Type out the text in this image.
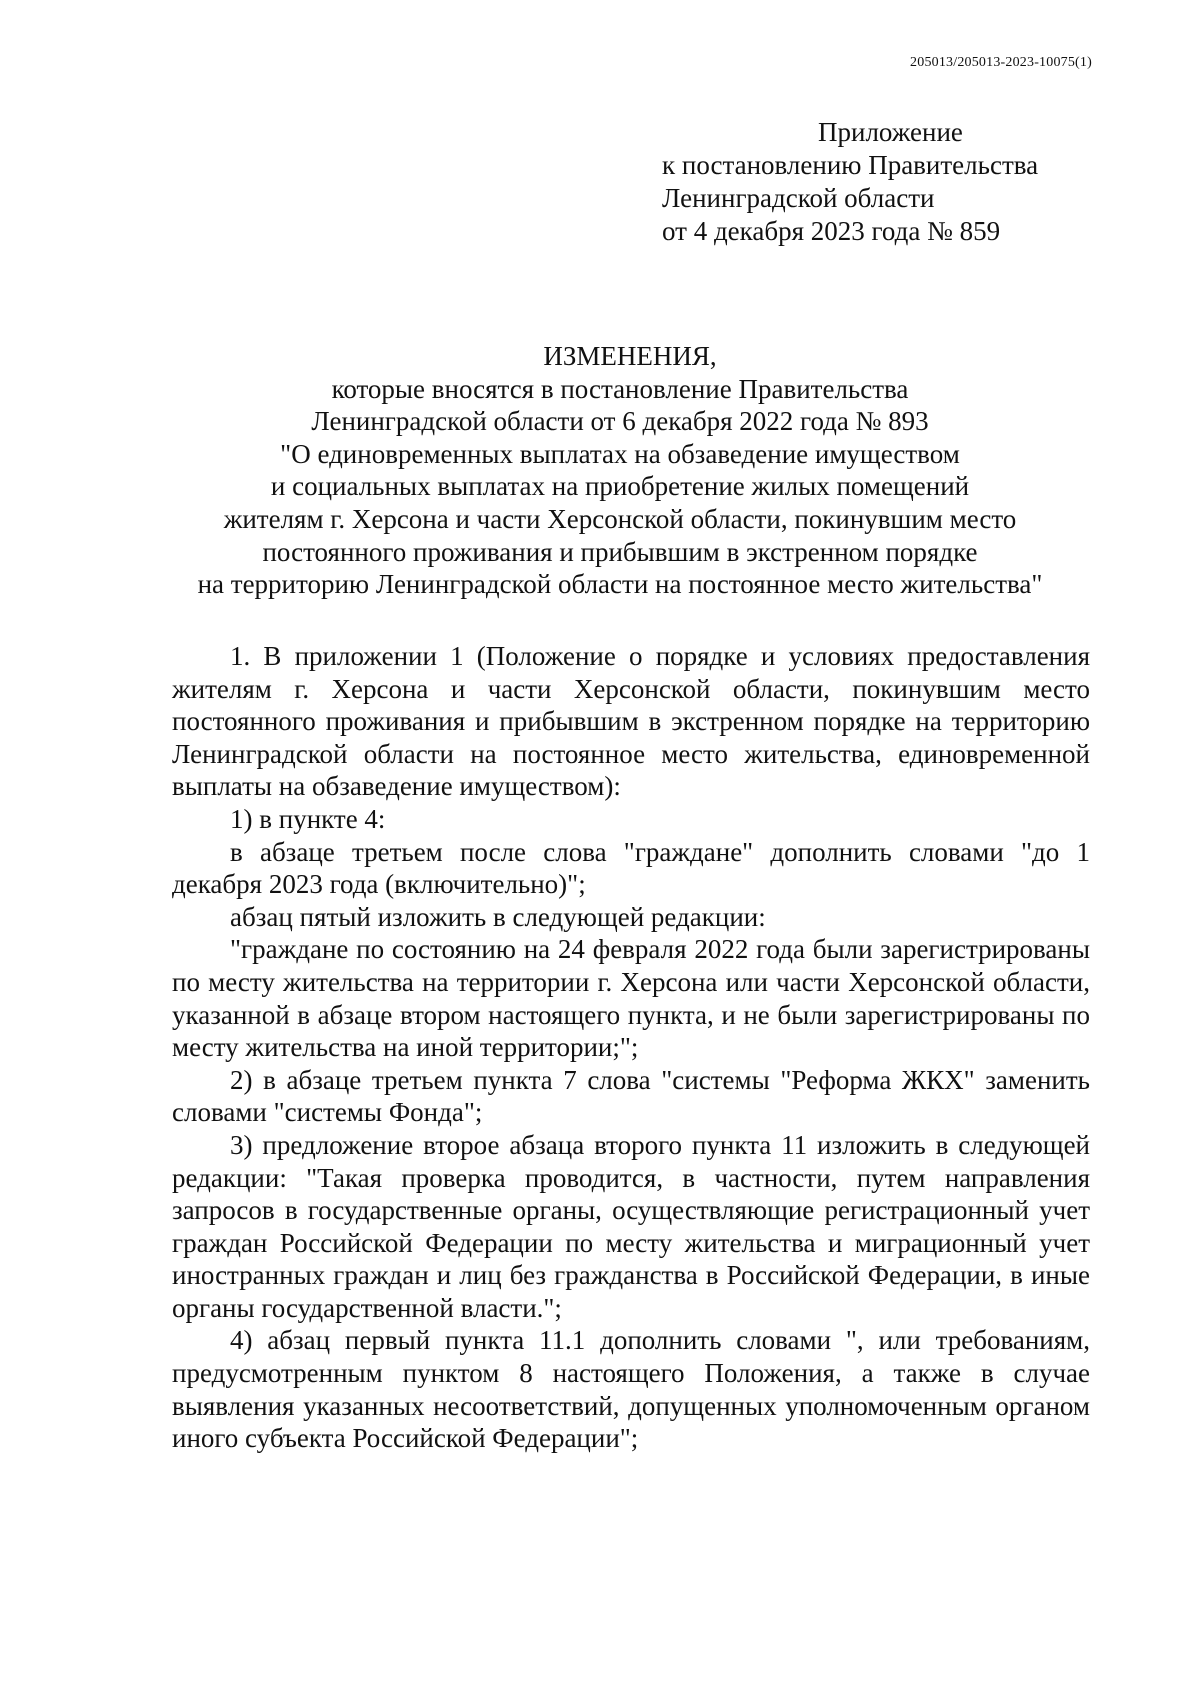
205013/205013-2023-10075(1)
Приложение
к постановлению Правительства
Ленинградской области
от 4 декабря 2023 года № 859
ИЗМЕНЕНИЯ,
которые вносятся в постановление Правительства
Ленинградской области от 6 декабря 2022 года № 893
"О единовременных выплатах на обзаведение имуществом
и социальных выплатах на приобретение жилых помещений
жителям г. Херсона и части Херсонской области, покинувшим место
постоянного проживания и прибывшим в экстренном порядке
на территорию Ленинградской области на постоянное место жительства"

1. В приложении 1 (Положение о порядке и условиях предоставления жителям г. Херсона и части Херсонской области, покинувшим место постоянного проживания и прибывшим в экстренном порядке на территорию Ленинградской области на постоянное место жительства, единовременной выплаты на обзаведение имуществом):

1) в пункте 4:

в абзаце третьем после слова "граждане" дополнить словами "до 1 декабря 2023 года (включительно)";

абзац пятый изложить в следующей редакции:

"граждане по состоянию на 24 февраля 2022 года были зарегистрированы по месту жительства на территории г. Херсона или части Херсонской области, указанной в абзаце втором настоящего пункта, и не были зарегистрированы по месту жительства на иной территории;";

2) в абзаце третьем пункта 7 слова "системы "Реформа ЖКХ" заменить словами "системы Фонда";

3) предложение второе абзаца второго пункта 11 изложить в следующей редакции: "Такая проверка проводится, в частности, путем направления запросов в государственные органы, осуществляющие регистрационный учет граждан Российской Федерации по месту жительства и миграционный учет иностранных граждан и лиц без гражданства в Российской Федерации, в иные органы государственной власти.";

4) абзац первый пункта 11.1 дополнить словами ", или требованиям, предусмотренным пунктом 8 настоящего Положения, а также в случае выявления указанных несоответствий, допущенных уполномоченным органом иного субъекта Российской Федерации";
